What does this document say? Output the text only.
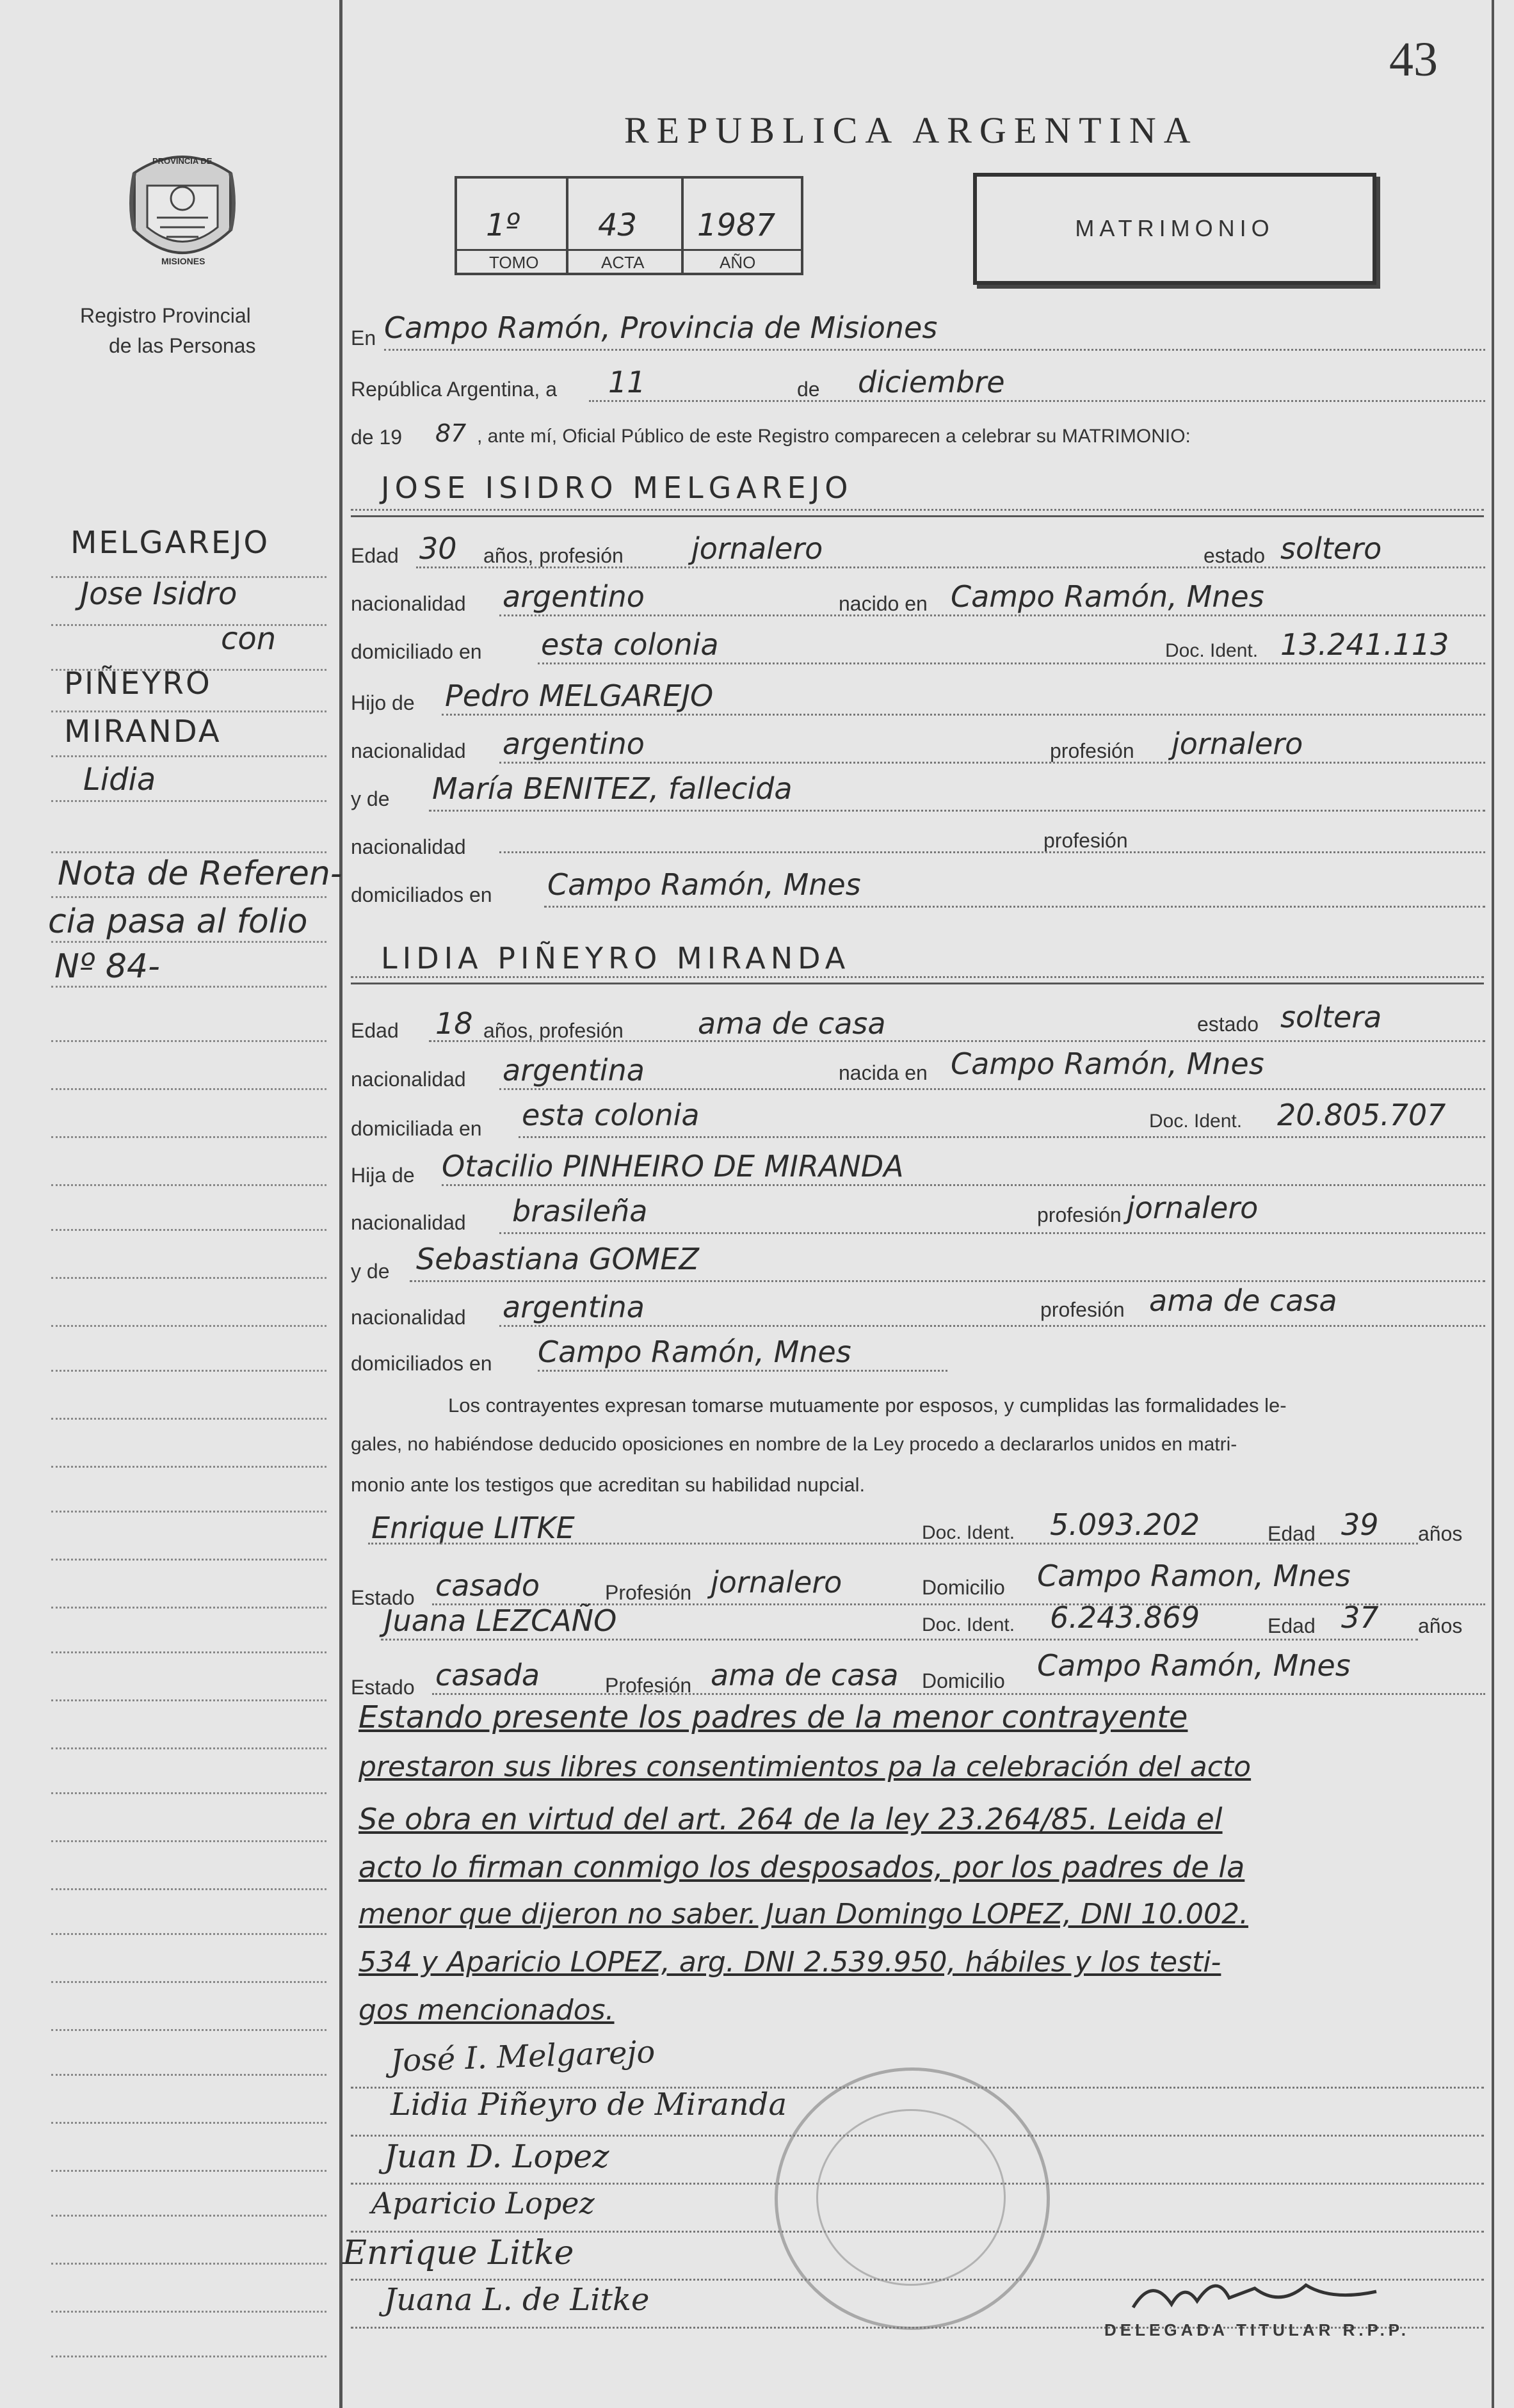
43
REPUBLICA ARGENTINA
PROVINCIA DE
MISIONES
Registro Provincial
de las Personas
1º
TOMO
43
ACTA
1987
AÑO
MATRIMONIO
MELGAREJO
Jose Isidro
con
PIÑEYRO
MIRANDA
Lidia
Nota de Referen-
cia pasa al folio
Nº 84-
En Campo Ramón, Provincia de Misiones
República Argentina, a 11	de diciembre
de 19 87 , ante mí, Oficial Público de este Registro comparecen a celebrar su MATRIMONIO:
JOSE ISIDRO MELGAREJO
Edad 30 años, profesión jornalero	estado soltero
nacionalidad argentino	nacido en Campo Ramón, Mnes
domiciliado en esta colonia	Doc. Ident. 13.241.113
Hijo de Pedro MELGAREJO
nacionalidad argentino	profesión jornalero
y de María BENITEZ, fallecida
nacionalidad	profesión
domiciliados en Campo Ramón, Mnes
LIDIA PIÑEYRO MIRANDA
Edad 18 años, profesión	ama de casa	estado soltera
nacionalidad argentina	nacida en Campo Ramón, Mnes
domiciliada en esta colonia	Doc. Ident. 20.805.707
Hija de Otacilio PINHEIRO DE MIRANDA
nacionalidad brasileña	profesión jornalero
y de Sebastiana GOMEZ
nacionalidad argentina	profesión ama de casa
domiciliados en Campo Ramón, Mnes
Los contrayentes expresan tomarse mutuamente por esposos, y cumplidas las formalidades le-
gales, no habiéndose deducido oposiciones en nombre de la Ley procedo a declararlos unidos en matri-
monio ante los testigos que acreditan su habilidad nupcial.
Enrique LITKE	Doc. Ident. 5.093.202	Edad 39 años
Estado casado	Profesión jornalero	Domicilio Campo Ramon, Mnes
Juana LEZCAÑO	Doc. Ident. 6.243.869	Edad 37 años
Estado casada	Profesión ama de casa Domicilio Campo Ramón, Mnes
Estando presente los padres de la menor contrayente
prestaron sus libres consentimientos pa la celebración del acto
Se obra en virtud del art. 264 de la ley 23.264/85. Leida el
acto lo firman conmigo los desposados, por los padres de la
menor que dijeron no saber. Juan Domingo LOPEZ, DNI 10.002.
534 y Aparicio LOPEZ, arg. DNI 2.539.950, hábiles y los testi-
gos mencionados.
José I. Melgarejo
Lidia Piñeyro de Miranda
Juan D. Lopez
Aparicio Lopez
Enrique Litke
Juana L. de Litke
DELEGADA TITULAR R.P.P.
